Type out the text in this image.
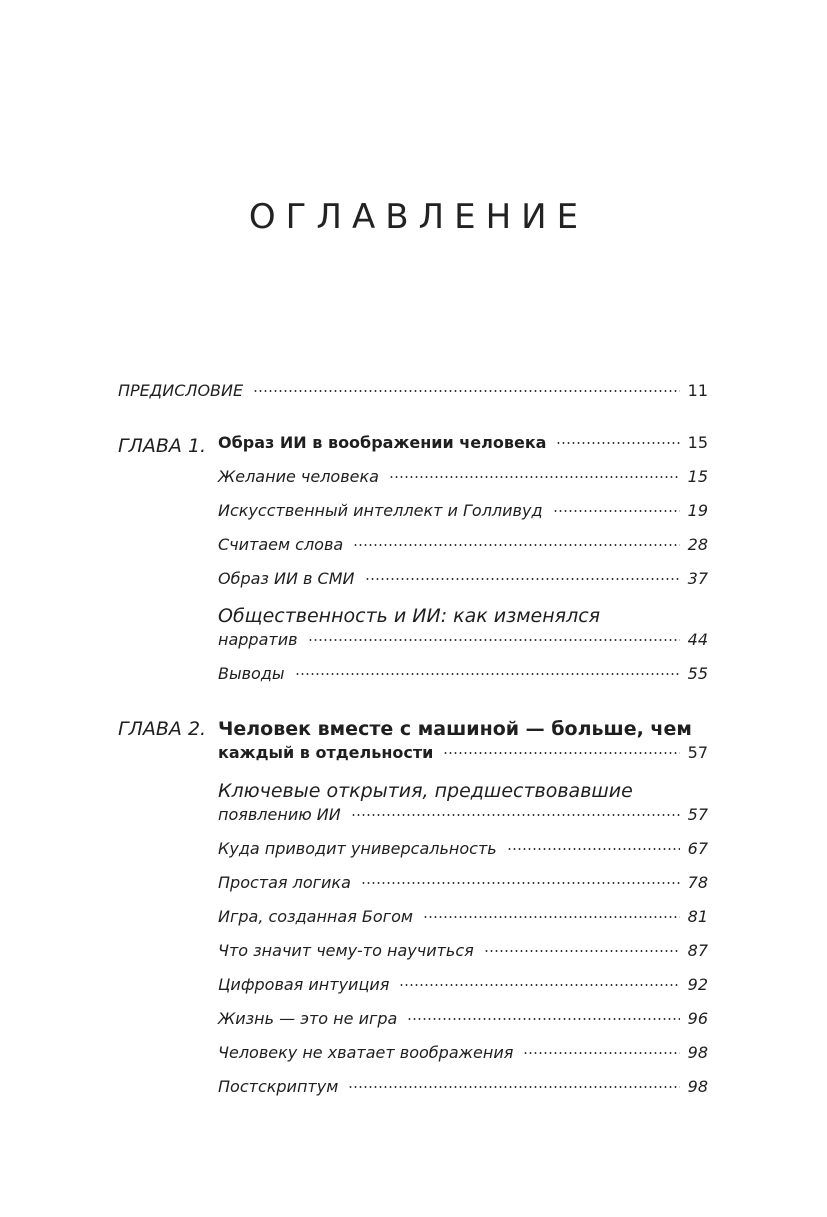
ОГЛАВЛЕНИЕ
ПРЕДИСЛОВИЕ	11
ГЛАВА 1. Образ ИИ в воображении человека	15
Желание человека	15
Искусственный интеллект и Голливуд	19
Считаем слова	28
Образ ИИ в СМИ	37
Общественность и ИИ: как изменялся
нарратив	44
Выводы	55
ГЛАВА 2. Человек вместе с машиной — больше, чем
каждый в отдельности	57
Ключевые открытия, предшествовавшие
появлению ИИ	57
Куда приводит универсальность	67
Простая логика	78
Игра, созданная Богом	81
Что значит чему-то научиться	87
Цифровая интуиция	92
Жизнь — это не игра	96
Человеку не хватает воображения	98
Постскриптум	98
